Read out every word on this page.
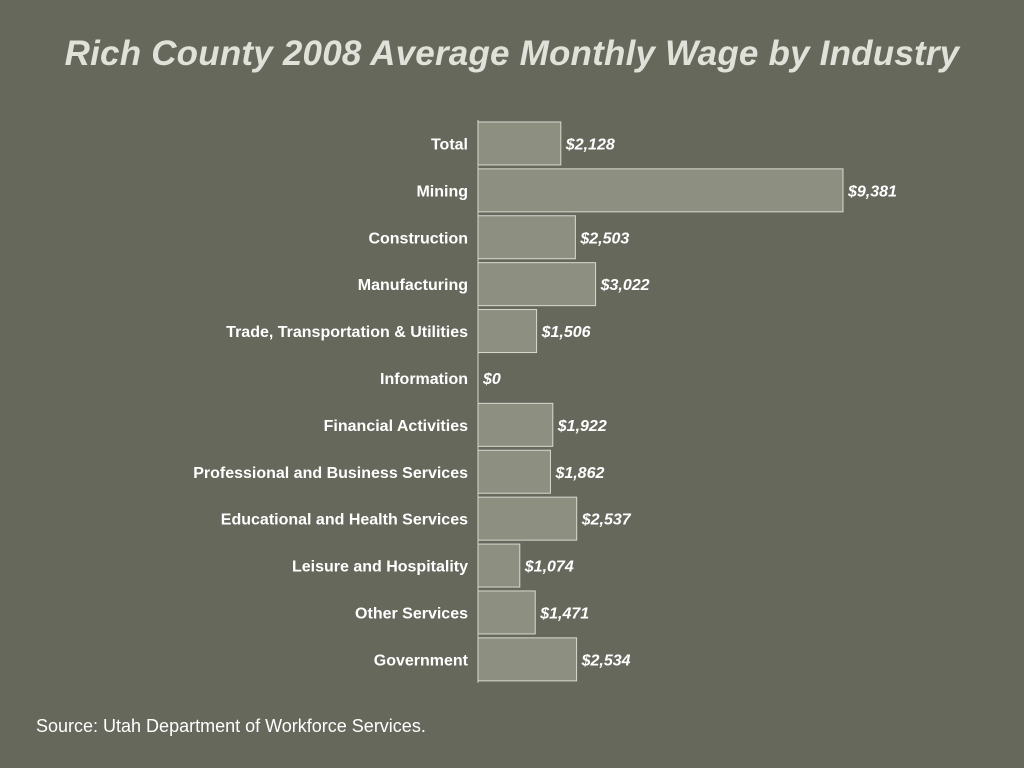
Rich County 2008 Average Monthly Wage by Industry
Total
Mining
Construction
Manufacturing
Trade, Transportation & Utilities
Information
Financial Activities
Professional and Business Services
Educational and Health Services
Leisure and Hospitality
Other Services
Government
$2,128
$9,381
$2,503
$3,022
$1,506
$0
$1,922
$1,862
$2,537
$1,074
$1,471
$2,534
Source: Utah Department of Workforce Services.
